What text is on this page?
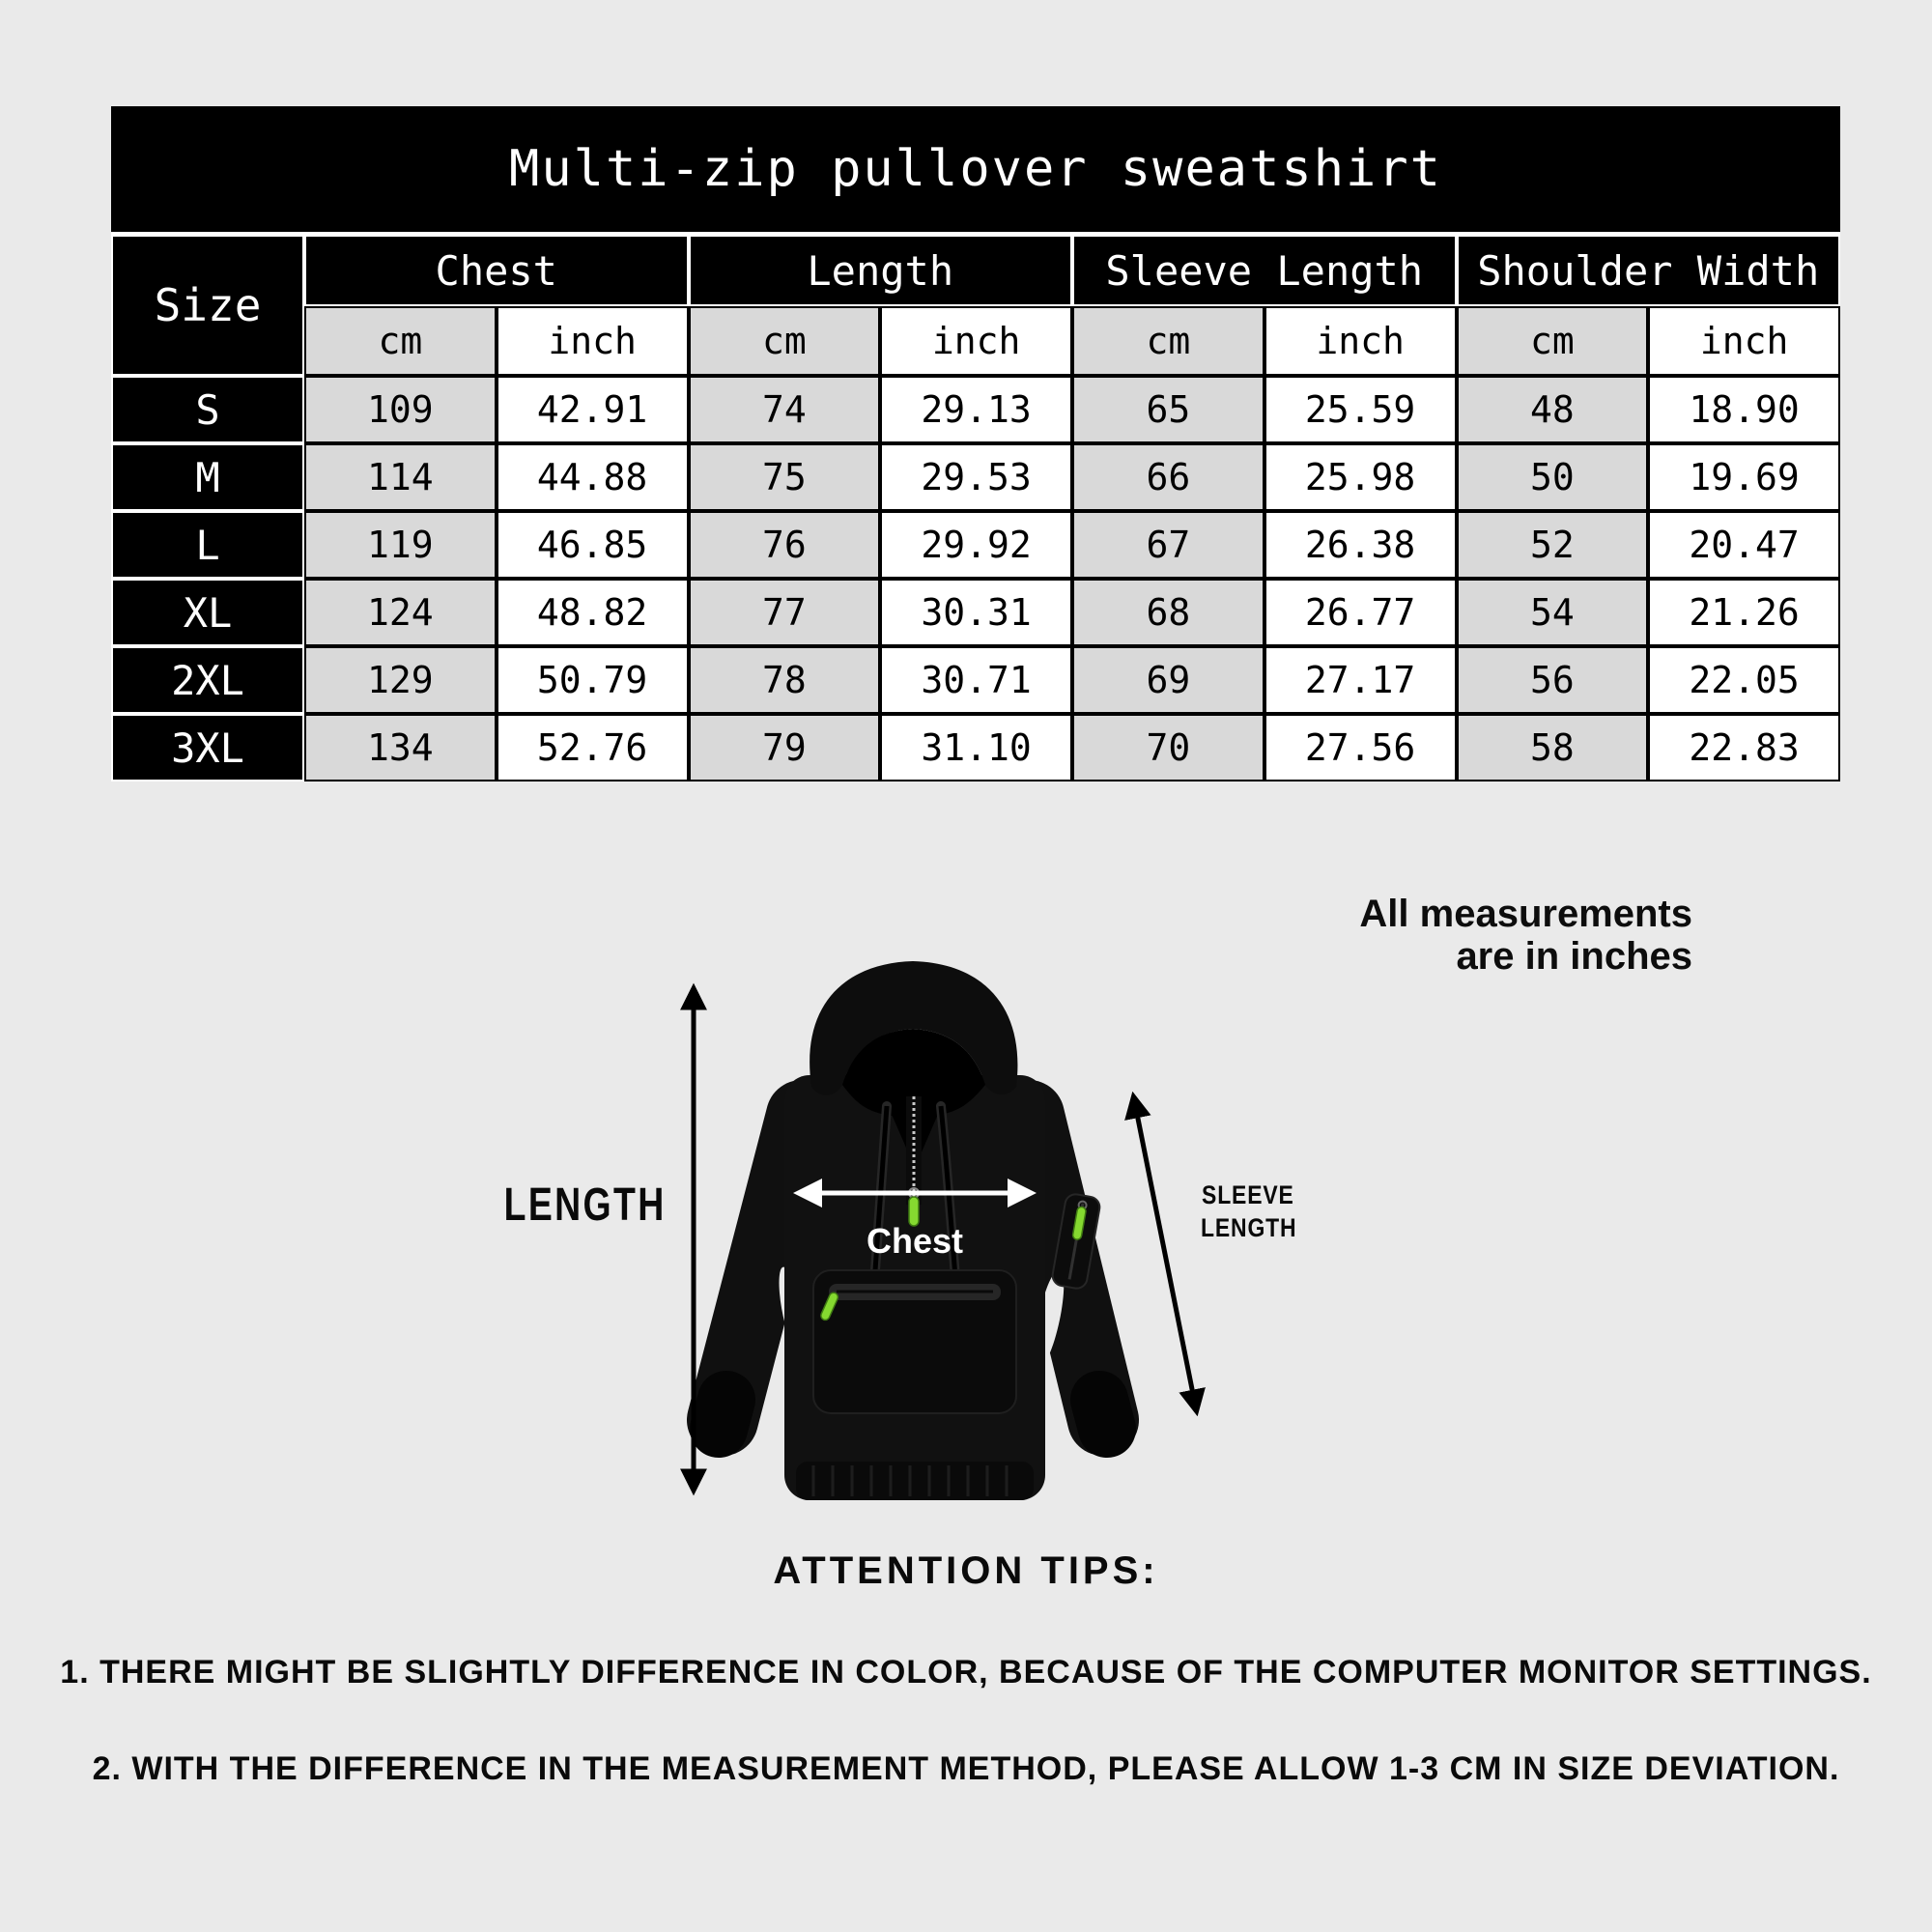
Multi-zip pullover sweatshirt
Size	Chest		Length		Sleeve Length		Shoulder Width	
	cm	inch	cm	inch	cm	inch	cm	inch
S	109	42.91	74	29.13	65	25.59	48	18.90
M	114	44.88	75	29.53	66	25.98	50	19.69
L	119	46.85	76	29.92	67	26.38	52	20.47
XL	124	48.82	77	30.31	68	26.77	54	21.26
2XL	129	50.79	78	30.71	69	27.17	56	22.05
3XL	134	52.76	79	31.10	70	27.56	58	22.83
All measurements
are in inches
Chest
LENGTH	SLEEVE
LENGTH
ATTENTION TIPS:
1. THERE MIGHT BE SLIGHTLY DIFFERENCE IN COLOR, BECAUSE OF THE COMPUTER MONITOR SETTINGS.
2. WITH THE DIFFERENCE IN THE MEASUREMENT METHOD, PLEASE ALLOW 1-3 CM IN SIZE DEVIATION.
